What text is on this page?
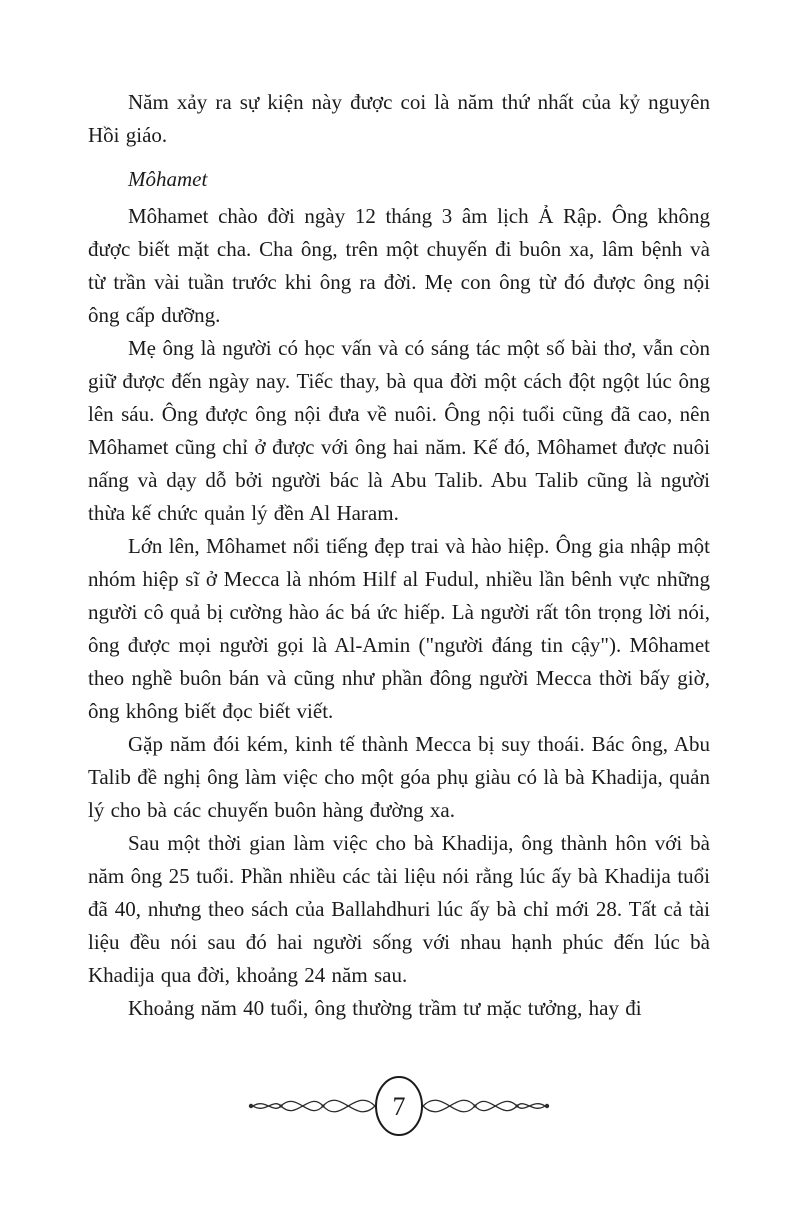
Năm xảy ra sự kiện này được coi là năm thứ nhất của kỷ nguyên Hồi giáo.

Môhamet

Môhamet chào đời ngày 12 tháng 3 âm lịch Ả Rập. Ông không được biết mặt cha. Cha ông, trên một chuyến đi buôn xa, lâm bệnh và từ trần vài tuần trước khi ông ra đời. Mẹ con ông từ đó được ông nội ông cấp dưỡng.

Mẹ ông là người có học vấn và có sáng tác một số bài thơ, vẫn còn giữ được đến ngày nay. Tiếc thay, bà qua đời một cách đột ngột lúc ông lên sáu. Ông được ông nội đưa về nuôi. Ông nội tuổi cũng đã cao, nên Môhamet cũng chỉ ở được với ông hai năm. Kế đó, Môhamet được nuôi nấng và dạy dỗ bởi người bác là Abu Talib. Abu Talib cũng là người thừa kế chức quản lý đền Al Haram.

Lớn lên, Môhamet nổi tiếng đẹp trai và hào hiệp. Ông gia nhập một nhóm hiệp sĩ ở Mecca là nhóm Hilf al Fudul, nhiều lần bênh vực những người cô quả bị cường hào ác bá ức hiếp. Là người rất tôn trọng lời nói, ông được mọi người gọi là Al-Amin ("người đáng tin cậy"). Môhamet theo nghề buôn bán và cũng như phần đông người Mecca thời bấy giờ, ông không biết đọc biết viết.

Gặp năm đói kém, kinh tế thành Mecca bị suy thoái. Bác ông, Abu Talib đề nghị ông làm việc cho một góa phụ giàu có là bà Khadija, quản lý cho bà các chuyến buôn hàng đường xa.

Sau một thời gian làm việc cho bà Khadija, ông thành hôn với bà năm ông 25 tuổi. Phần nhiều các tài liệu nói rằng lúc ấy bà Khadija tuổi đã 40, nhưng theo sách của Ballahdhuri lúc ấy bà chỉ mới 28. Tất cả tài liệu đều nói sau đó hai người sống với nhau hạnh phúc đến lúc bà Khadija qua đời, khoảng 24 năm sau.

Khoảng năm 40 tuổi, ông thường trầm tư mặc tưởng, hay đi

7
